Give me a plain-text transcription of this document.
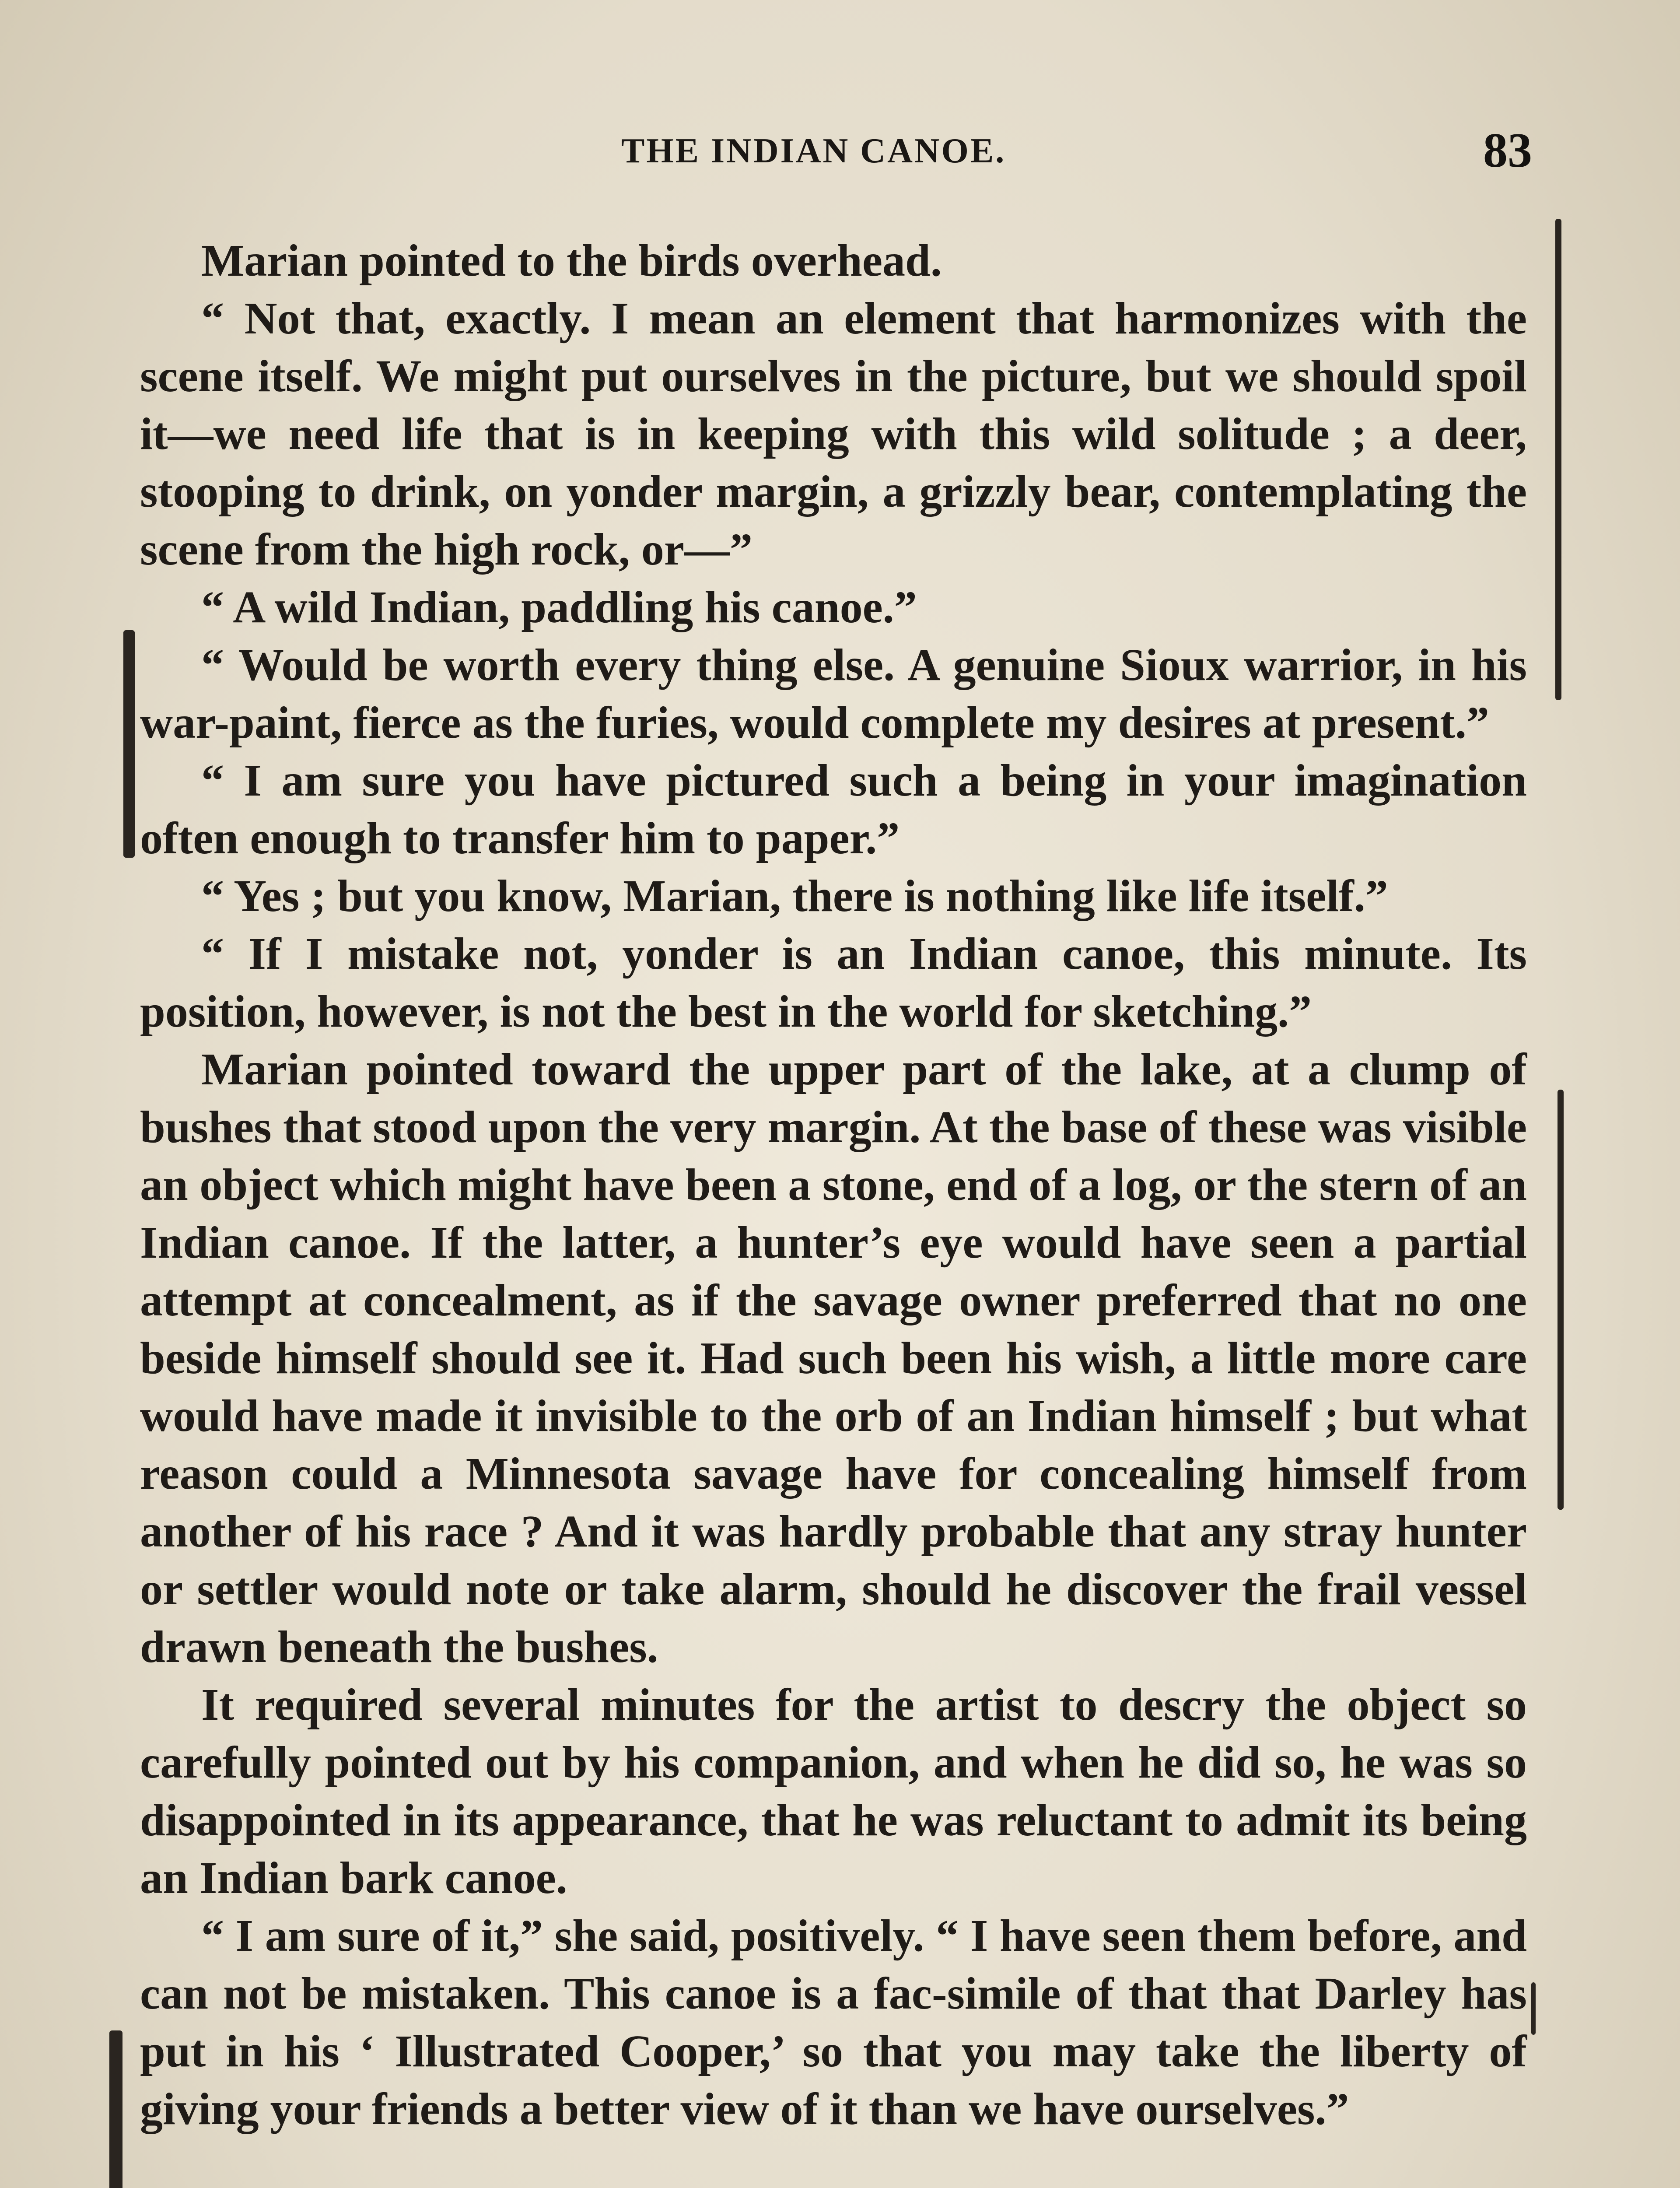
THE INDIAN CANOE.	83

Marian pointed to the birds overhead.

“ Not that, exactly. I mean an element that harmonizes with the scene itself. We might put ourselves in the picture, but we should spoil it—we need life that is in keeping with this wild solitude ; a deer, stooping to drink, on yonder margin, a grizzly bear, contemplating the scene from the high rock, or—”

“ A wild Indian, paddling his canoe.”

“ Would be worth every thing else. A genuine Sioux warrior, in his war-paint, fierce as the furies, would complete my desires at present.”

“ I am sure you have pictured such a being in your imagination often enough to transfer him to paper.”

“ Yes ; but you know, Marian, there is nothing like life itself.”

“ If I mistake not, yonder is an Indian canoe, this minute. Its position, however, is not the best in the world for sketching.”

Marian pointed toward the upper part of the lake, at a clump of bushes that stood upon the very margin. At the base of these was visible an object which might have been a stone, end of a log, or the stern of an Indian canoe. If the latter, a hunter’s eye would have seen a partial attempt at concealment, as if the savage owner preferred that no one beside himself should see it. Had such been his wish, a little more care would have made it invisible to the orb of an Indian himself ; but what reason could a Minnesota savage have for concealing himself from another of his race ? And it was hardly probable that any stray hunter or settler would note or take alarm, should he discover the frail vessel drawn beneath the bushes.

It required several minutes for the artist to descry the object so carefully pointed out by his companion, and when he did so, he was so disappointed in its appearance, that he was reluctant to admit its being an Indian bark canoe.

“ I am sure of it,” she said, positively. “ I have seen them before, and can not be mistaken. This canoe is a fac-simile of that that Darley has put in his ‘ Illustrated Cooper,’ so that you may take the liberty of giving your friends a better view of it than we have ourselves.”
